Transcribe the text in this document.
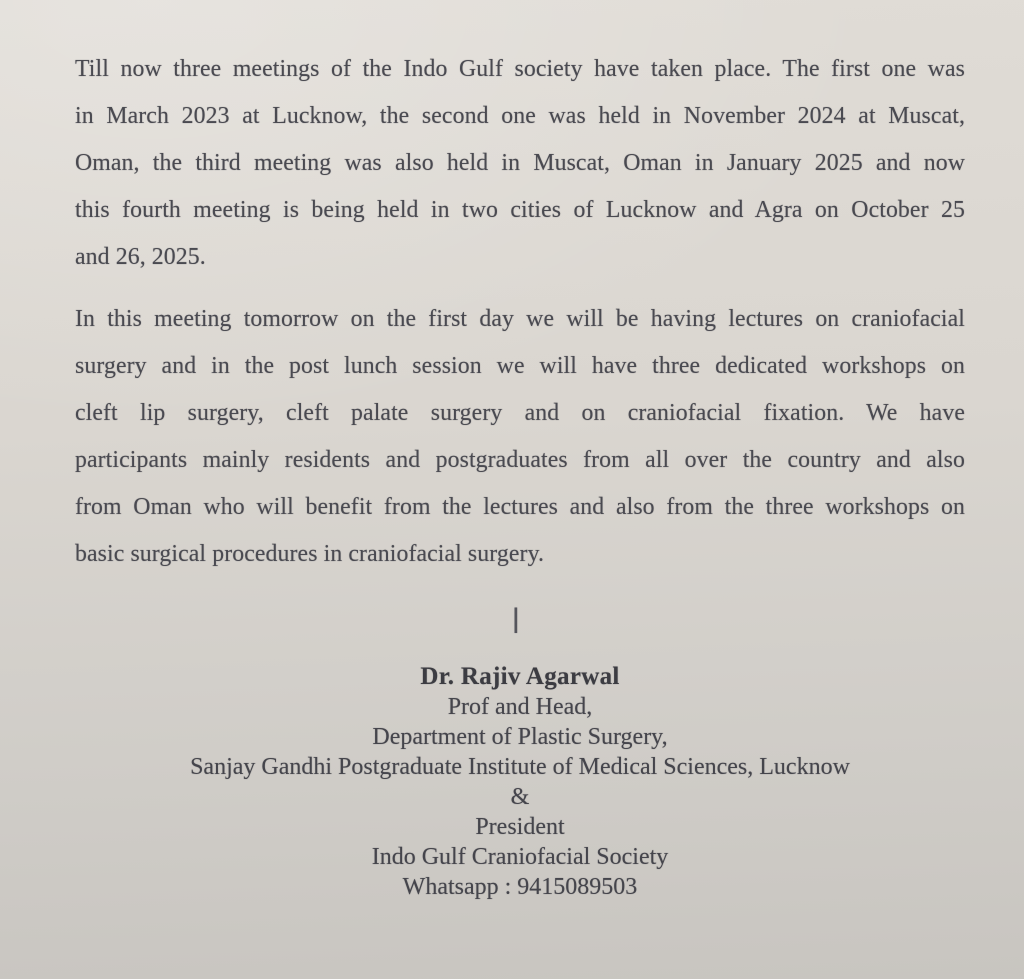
Till now three meetings of the Indo Gulf society have taken place. The first one was
in March 2023 at Lucknow, the second one was held in November 2024 at Muscat,
Oman, the third meeting was also held in Muscat, Oman in January 2025 and now
this fourth meeting is being held in two cities of Lucknow and Agra on October 25
and 26, 2025.

In this meeting tomorrow on the first day we will be having lectures on craniofacial
surgery and in the post lunch session we will have three dedicated workshops on
cleft lip surgery, cleft palate surgery and on craniofacial fixation. We have
participants mainly residents and postgraduates from all over the country and also
from Oman who will benefit from the lectures and also from the three workshops on
basic surgical procedures in craniofacial surgery.

|
Dr. Rajiv Agarwal
Prof and Head,
Department of Plastic Surgery,
Sanjay Gandhi Postgraduate Institute of Medical Sciences, Lucknow
&
President
Indo Gulf Craniofacial Society
Whatsapp : 9415089503
